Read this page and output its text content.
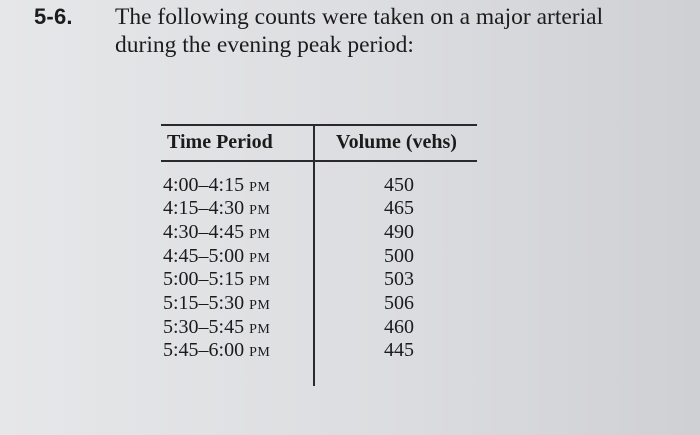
5-6. The following counts were taken on a major arterial
during the evening peak period:
Time Period	Volume (vehs)
4:00–4:15 PM	450
4:15–4:30 PM	465
4:30–4:45 PM	490
4:45–5:00 PM	500
5:00–5:15 PM	503
5:15–5:30 PM	506
5:30–5:45 PM	460
5:45–6:00 PM	445
